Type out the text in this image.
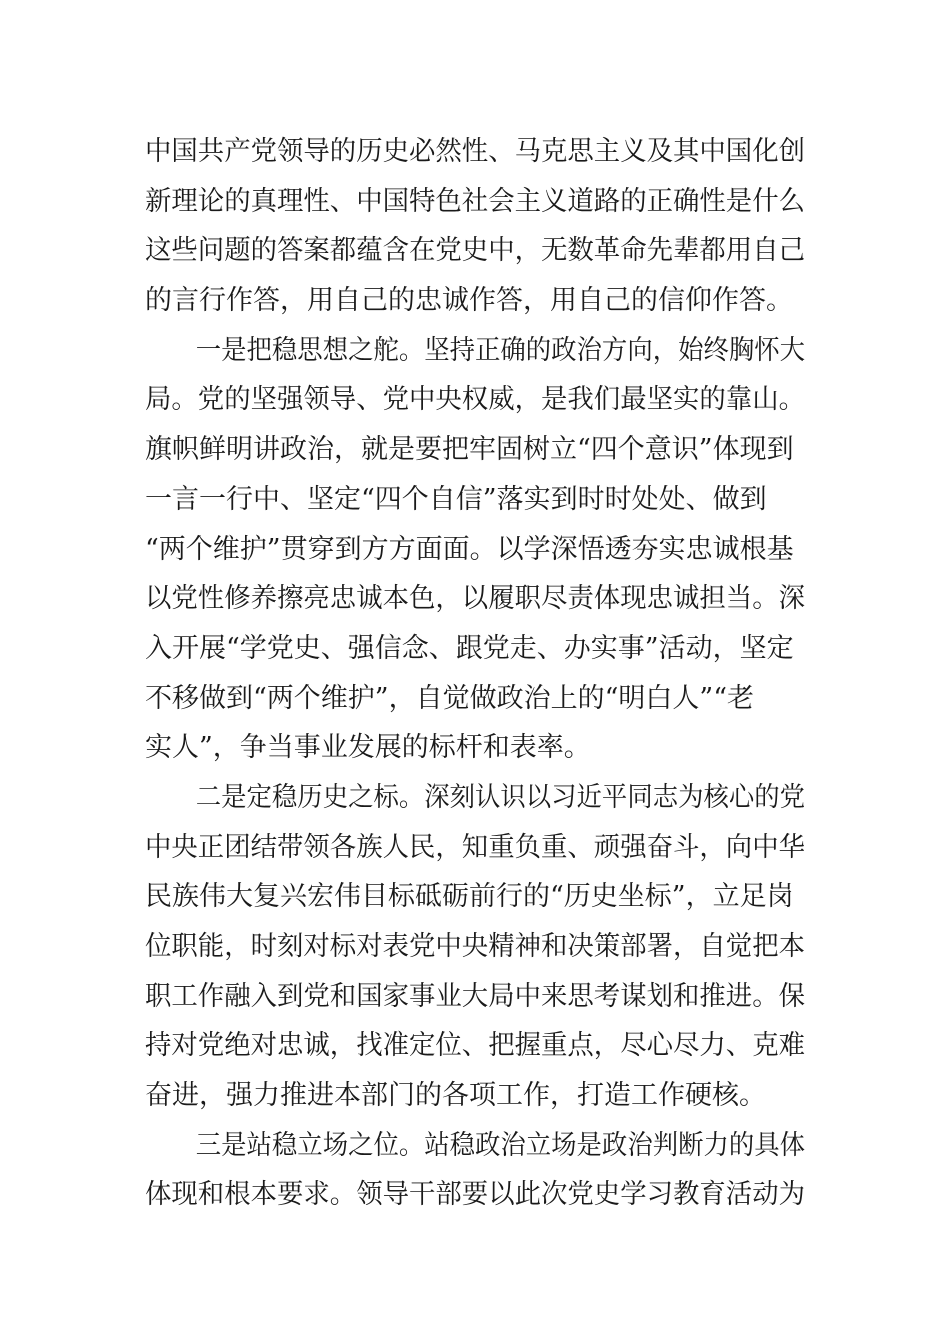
中国共产党领导的历史必然性、马克思主义及其中国化创
新理论的真理性、中国特色社会主义道路的正确性是什么
这些问题的答案都蕴含在党史中，无数革命先辈都用自己
的言行作答，用自己的忠诚作答，用自己的信仰作答。
　　一是把稳思想之舵。坚持正确的政治方向，始终胸怀大
局。党的坚强领导、党中央权威，是我们最坚实的靠山。
旗帜鲜明讲政治，就是要把牢固树立“四个意识”体现到
一言一行中、坚定“四个自信”落实到时时处处、做到
“两个维护”贯穿到方方面面。以学深悟透夯实忠诚根基
以党性修养擦亮忠诚本色，以履职尽责体现忠诚担当。深
入开展“学党史、强信念、跟党走、办实事”活动，坚定
不移做到“两个维护”，自觉做政治上的“明白人”“老
实人”，争当事业发展的标杆和表率。
　　二是定稳历史之标。深刻认识以习近平同志为核心的党
中央正团结带领各族人民，知重负重、顽强奋斗，向中华
民族伟大复兴宏伟目标砥砺前行的“历史坐标”，立足岗
位职能，时刻对标对表党中央精神和决策部署，自觉把本
职工作融入到党和国家事业大局中来思考谋划和推进。保
持对党绝对忠诚，找准定位、把握重点，尽心尽力、克难
奋进，强力推进本部门的各项工作，打造工作硬核。
　　三是站稳立场之位。站稳政治立场是政治判断力的具体
体现和根本要求。领导干部要以此次党史学习教育活动为
